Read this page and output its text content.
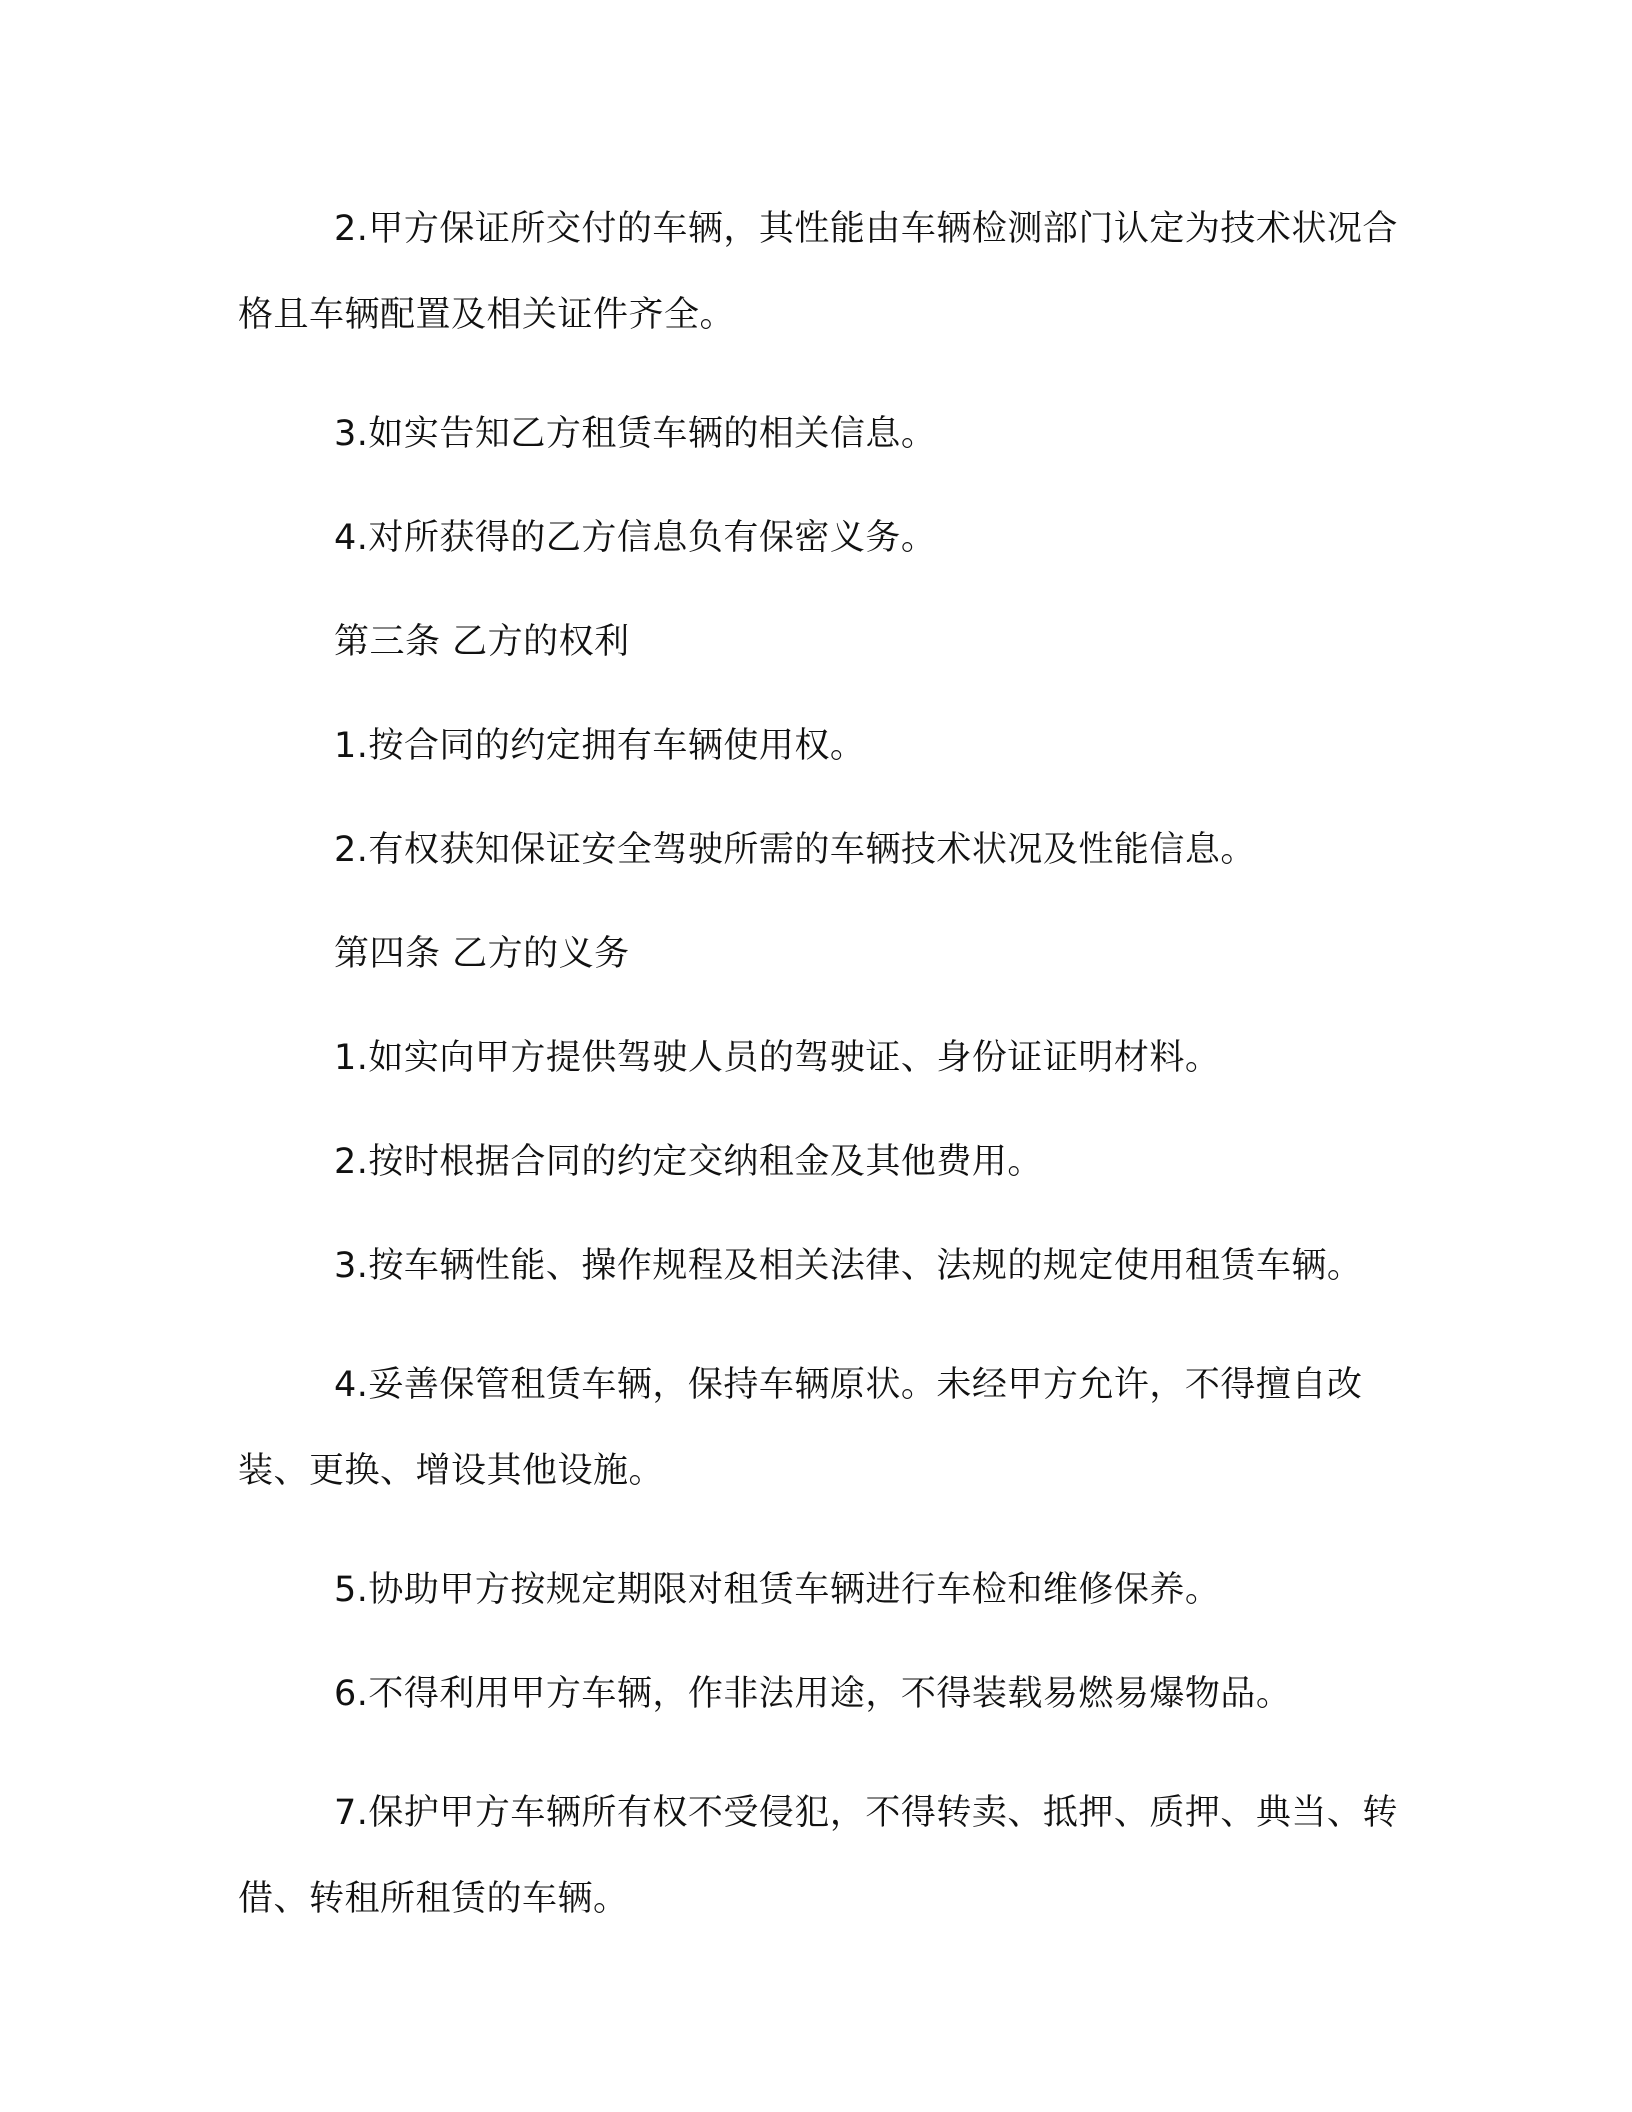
2.甲方保证所交付的车辆，其性能由车辆检测部门认定为技术状况合格且车辆配置及相关证件齐全。

3.如实告知乙方租赁车辆的相关信息。

4.对所获得的乙方信息负有保密义务。

第三条 乙方的权利

1.按合同的约定拥有车辆使用权。

2.有权获知保证安全驾驶所需的车辆技术状况及性能信息。

第四条 乙方的义务

1.如实向甲方提供驾驶人员的驾驶证、身份证证明材料。

2.按时根据合同的约定交纳租金及其他费用。

3.按车辆性能、操作规程及相关法律、法规的规定使用租赁车辆。

4.妥善保管租赁车辆，保持车辆原状。未经甲方允许，不得擅自改装、更换、增设其他设施。

5.协助甲方按规定期限对租赁车辆进行车检和维修保养。

6.不得利用甲方车辆，作非法用途，不得装载易燃易爆物品。

7.保护甲方车辆所有权不受侵犯，不得转卖、抵押、质押、典当、转借、转租所租赁的车辆。
